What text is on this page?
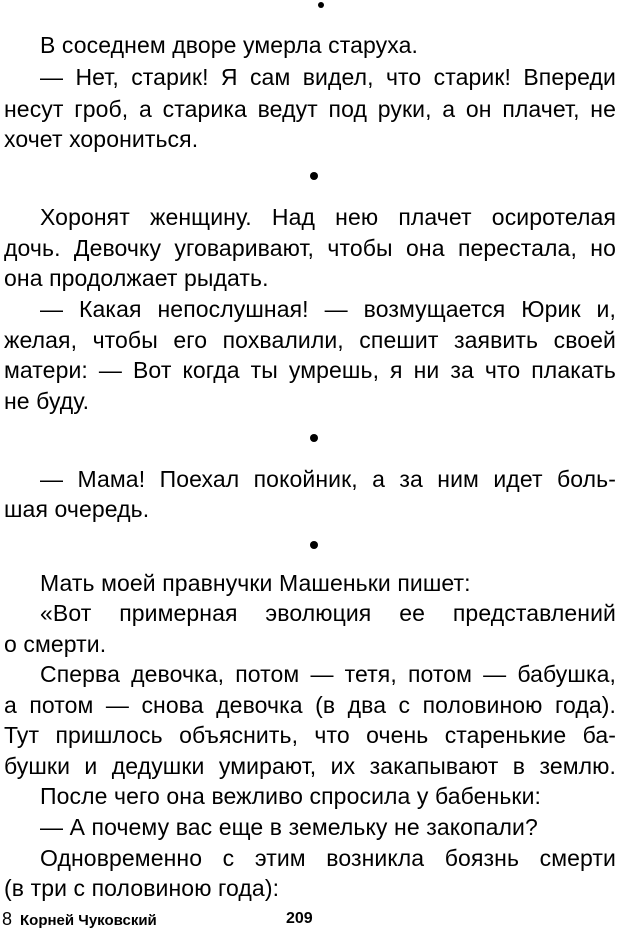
В соседнем дворе умерла старуха.
— Нет, старик! Я сам видел, что старик! Впереди
несут гроб, а старика ведут под руки, а он плачет, не
хочет хорониться.
Хоронят женщину. Над нею плачет осиротелая
дочь. Девочку уговаривают, чтобы она перестала, но
она продолжает рыдать.
— Какая непослушная! — возмущается Юрик и,
желая, чтобы его похвалили, спешит заявить своей
матери: — Вот когда ты умрешь, я ни за что плакать
не буду.
— Мама! Поехал покойник, а за ним идет боль-
шая очередь.
Мать моей правнучки Машеньки пишет:
«Вот примерная эволюция ее представлений
о смерти.
Сперва девочка, потом — тетя, потом — бабушка,
а потом — снова девочка (в два с половиною года).
Тут пришлось объяснить, что очень старенькие ба-
бушки и дедушки умирают, их закапывают в землю.
После чего она вежливо спросила у бабеньки:
— А почему вас еще в земельку не закопали?
Одновременно с этим возникла боязнь смерти
(в три с половиною года):
8 Корней Чуковский	209
